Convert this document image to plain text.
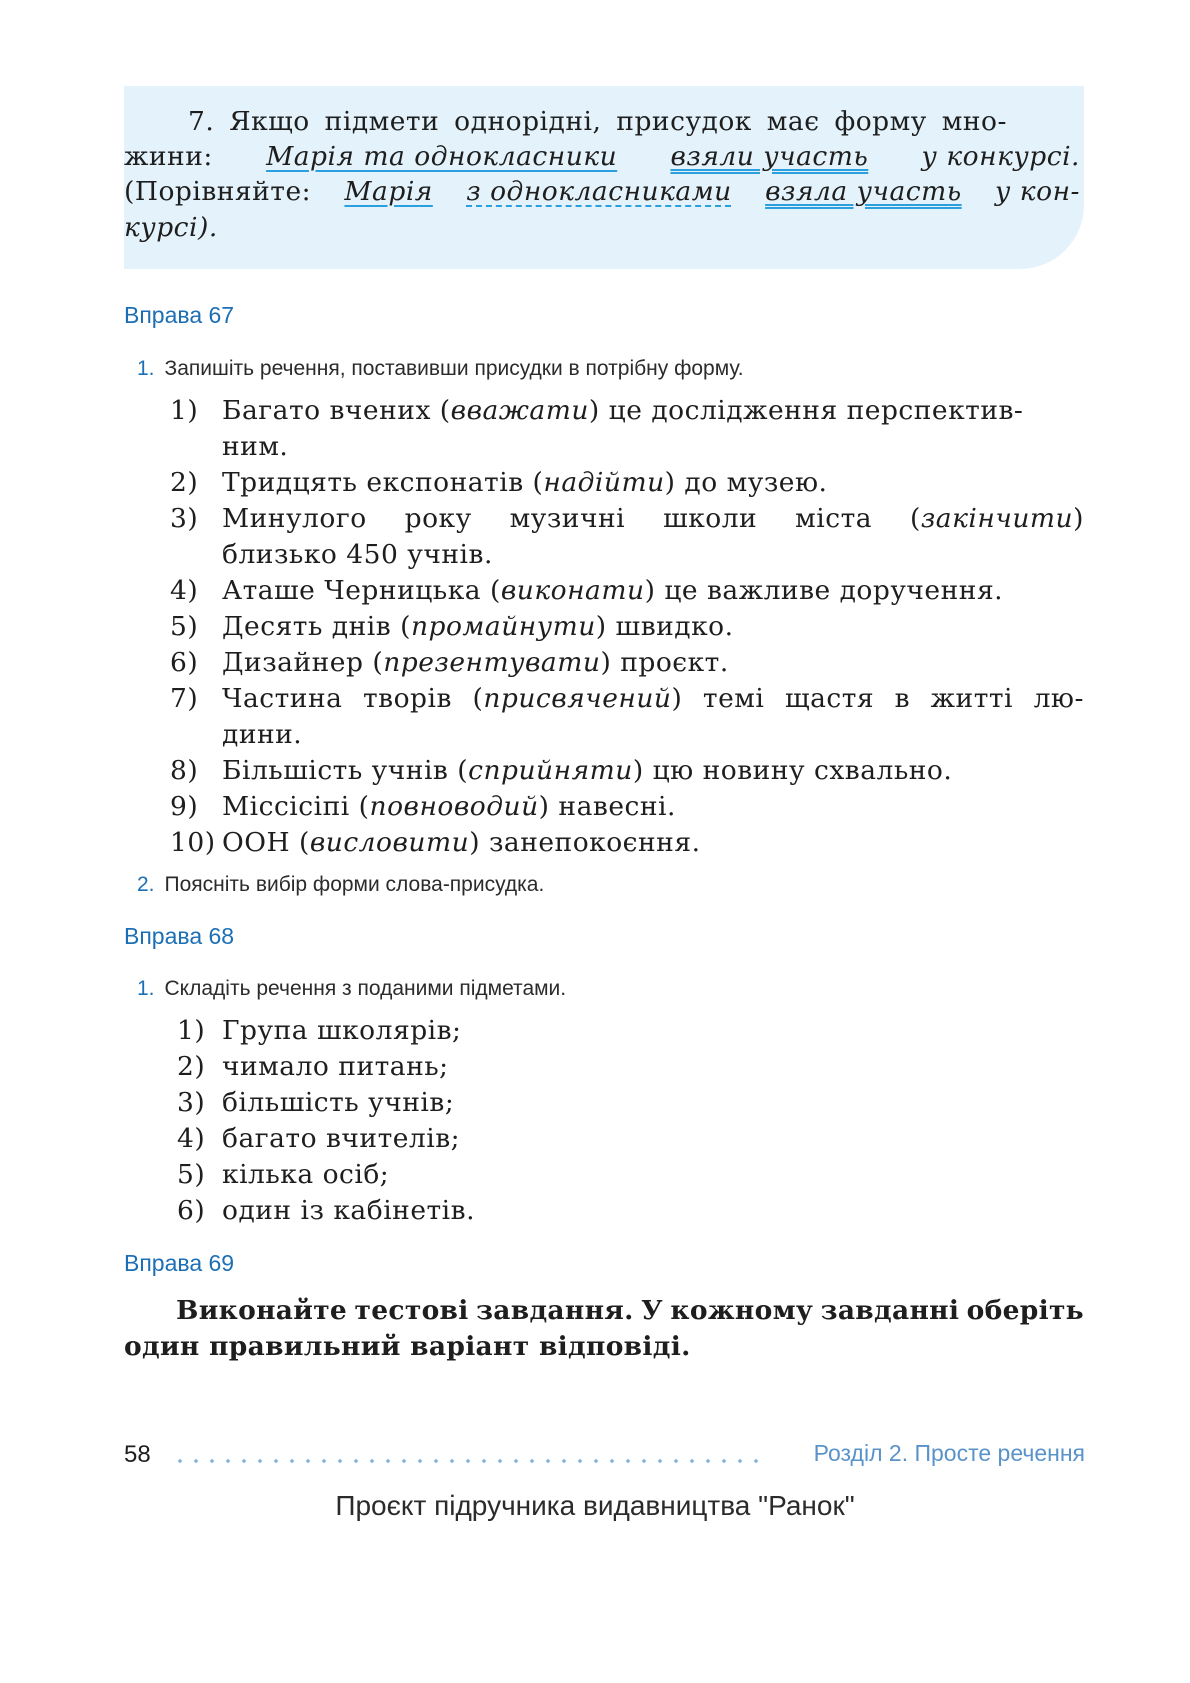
7. Якщо підмети однорідні, присудок має форму мно-
жини: Марія та однокласники взяли участь у конкурсі.
(Порівняйте: Марія з однокласниками взяла участь у кон-
курсі).
Вправа 67
1. Запишіть речення, поставивши присудки в потрібну форму.
1) Багато вчених (вважати) це дослідження перспектив-
ним.
2) Тридцять експонатів (надійти) до музею.
3) Минулого року музичні школи міста (закінчити)
близько 450 учнів.
4) Аташе Черницька (виконати) це важливе доручення.
5) Десять днів (промайнути) швидко.
6) Дизайнер (презентувати) проєкт.
7) Частина творів (присвячений) темі щастя в житті лю-
дини.
8) Більшість учнів (сприйняти) цю новину схвально.
9) Міссісіпі (повноводий) навесні.
10) ООН (висловити) занепокоєння.
2. Поясніть вибір форми слова-присудка.
Вправа 68
1. Складіть речення з поданими підметами.
1) Група школярів;
2) чимало питань;
3) більшість учнів;
4) багато вчителів;
5) кілька осіб;
6) один із кабінетів.
Вправа 69
Виконайте тестові завдання. У кожному завданні оберіть
один правильний варіант відповіді.
58	Розділ 2. Просте речення
Проєкт підручника видавництва "Ранок"
